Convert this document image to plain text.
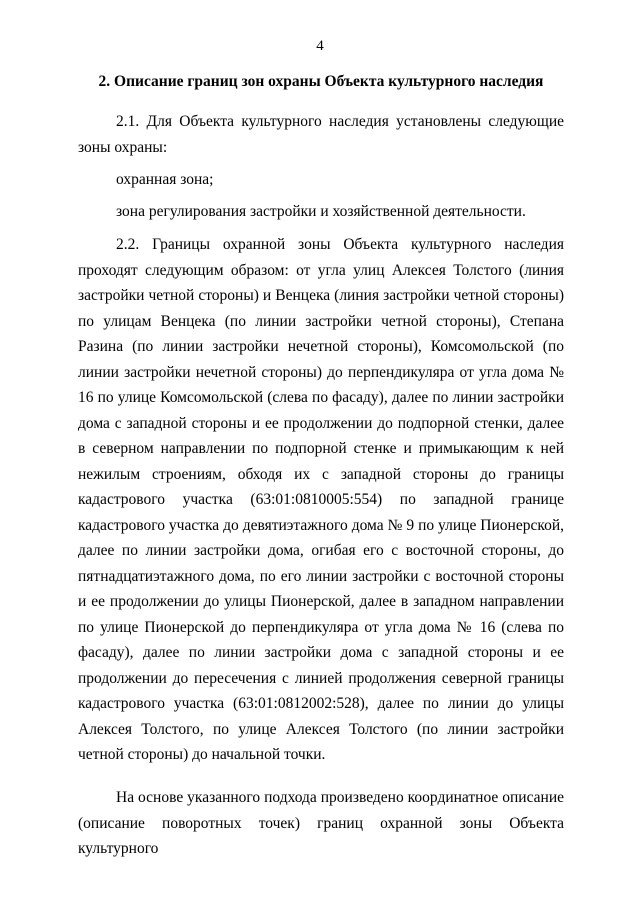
4
2. Описание границ зон охраны Объекта культурного наследия

2.1. Для Объекта культурного наследия установлены следующие зоны охраны:

охранная зона;

зона регулирования застройки и хозяйственной деятельности.

2.2. Границы охранной зоны Объекта культурного наследия проходят следующим образом: от угла улиц Алексея Толстого (линия застройки четной стороны) и Венцека (линия застройки четной стороны) по улицам Венцека (по линии застройки четной стороны), Степана Разина (по линии застройки нечетной стороны), Комсомольской (по линии застройки нечетной стороны) до перпендикуляра от угла дома № 16 по улице Комсомольской (слева по фасаду), далее по линии застройки дома с западной стороны и ее продолжении до подпорной стенки, далее в северном направлении по подпорной стенке и примыкающим к ней нежилым строениям, обходя их с западной стороны до границы кадастрового участка (63:01:0810005:554) по западной границе кадастрового участка до девятиэтажного дома № 9 по улице Пионерской, далее по линии застройки дома, огибая его с восточной стороны, до пятнадцатиэтажного дома, по его линии застройки с восточной стороны и ее продолжении до улицы Пионерской, далее в западном направлении по улице Пионерской до перпендикуляра от угла дома № 16 (слева по фасаду), далее по линии застройки дома с западной стороны и ее продолжении до пересечения с линией продолжения северной границы кадастрового участка (63:01:0812002:528), далее по линии до улицы Алексея Толстого, по улице Алексея Толстого (по линии застройки четной стороны) до начальной точки.

На основе указанного подхода произведено координатное описание (описание поворотных точек) границ охранной зоны Объекта культурного
